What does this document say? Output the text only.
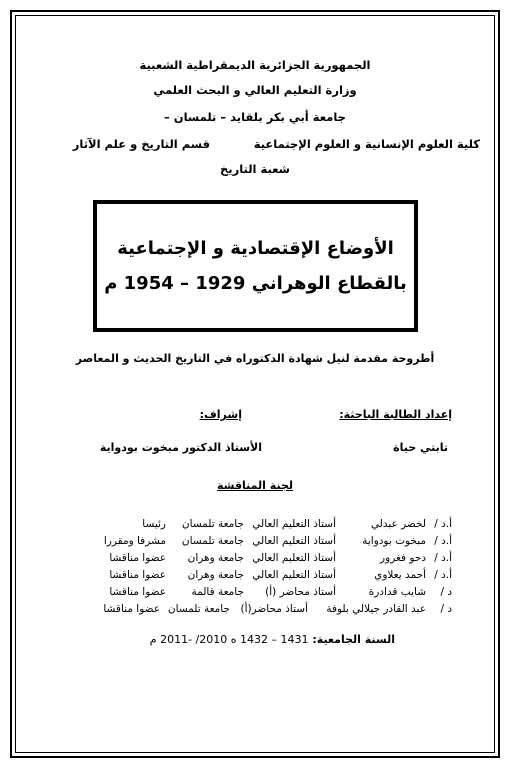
الجمهورية الجزائرية الديمقراطية الشعبية
وزارة التعليم العالي و البحث العلمي
جامعة أبي بكر بلقايد – تلمسان –
كلية العلوم الإنسانية و العلوم الإجتماعية
قسم التاريخ و علم الآثار
شعبة التاريخ
الأوضاع الإقتصادية و الإجتماعية
بالقطاع الوهراني 1929 – 1954 م
أطروحة مقدمة لنيل شهادة الدكتوراه في التاريخ الحديث و المعاصر
إعداد الطالبة الباحثة:
إشراف:
تابتي حياة
الأستاذ الدكتور مبخوت بودواية
لجنة المناقشة
أ.د /
لخضر عبدلي
أستاذ التعليم العالي
جامعة تلمسان
رئيسا
أ.د /
مبخوت بودواية
أستاذ التعليم العالي
جامعة تلمسان
مشرفا ومقررا
أ.د /
دحو فغرور
أستاذ التعليم العالي
جامعة وهران
عضوا مناقشا
أ.د /
أحمد يعلاوي
أستاذ التعليم العالي
جامعة وهران
عضوا مناقشا
د /
شايب قدادرة
أستاذ محاضر (أ)
جامعة قالمة
عضوا مناقشا
د /
عبد القادر جيلالي بلوفة
أستاذ محاضر(أ)
جامعة تلمسان
عضوا مناقشا
السنة الجامعية: 1431 – 1432 ه 2010/ -2011 م
